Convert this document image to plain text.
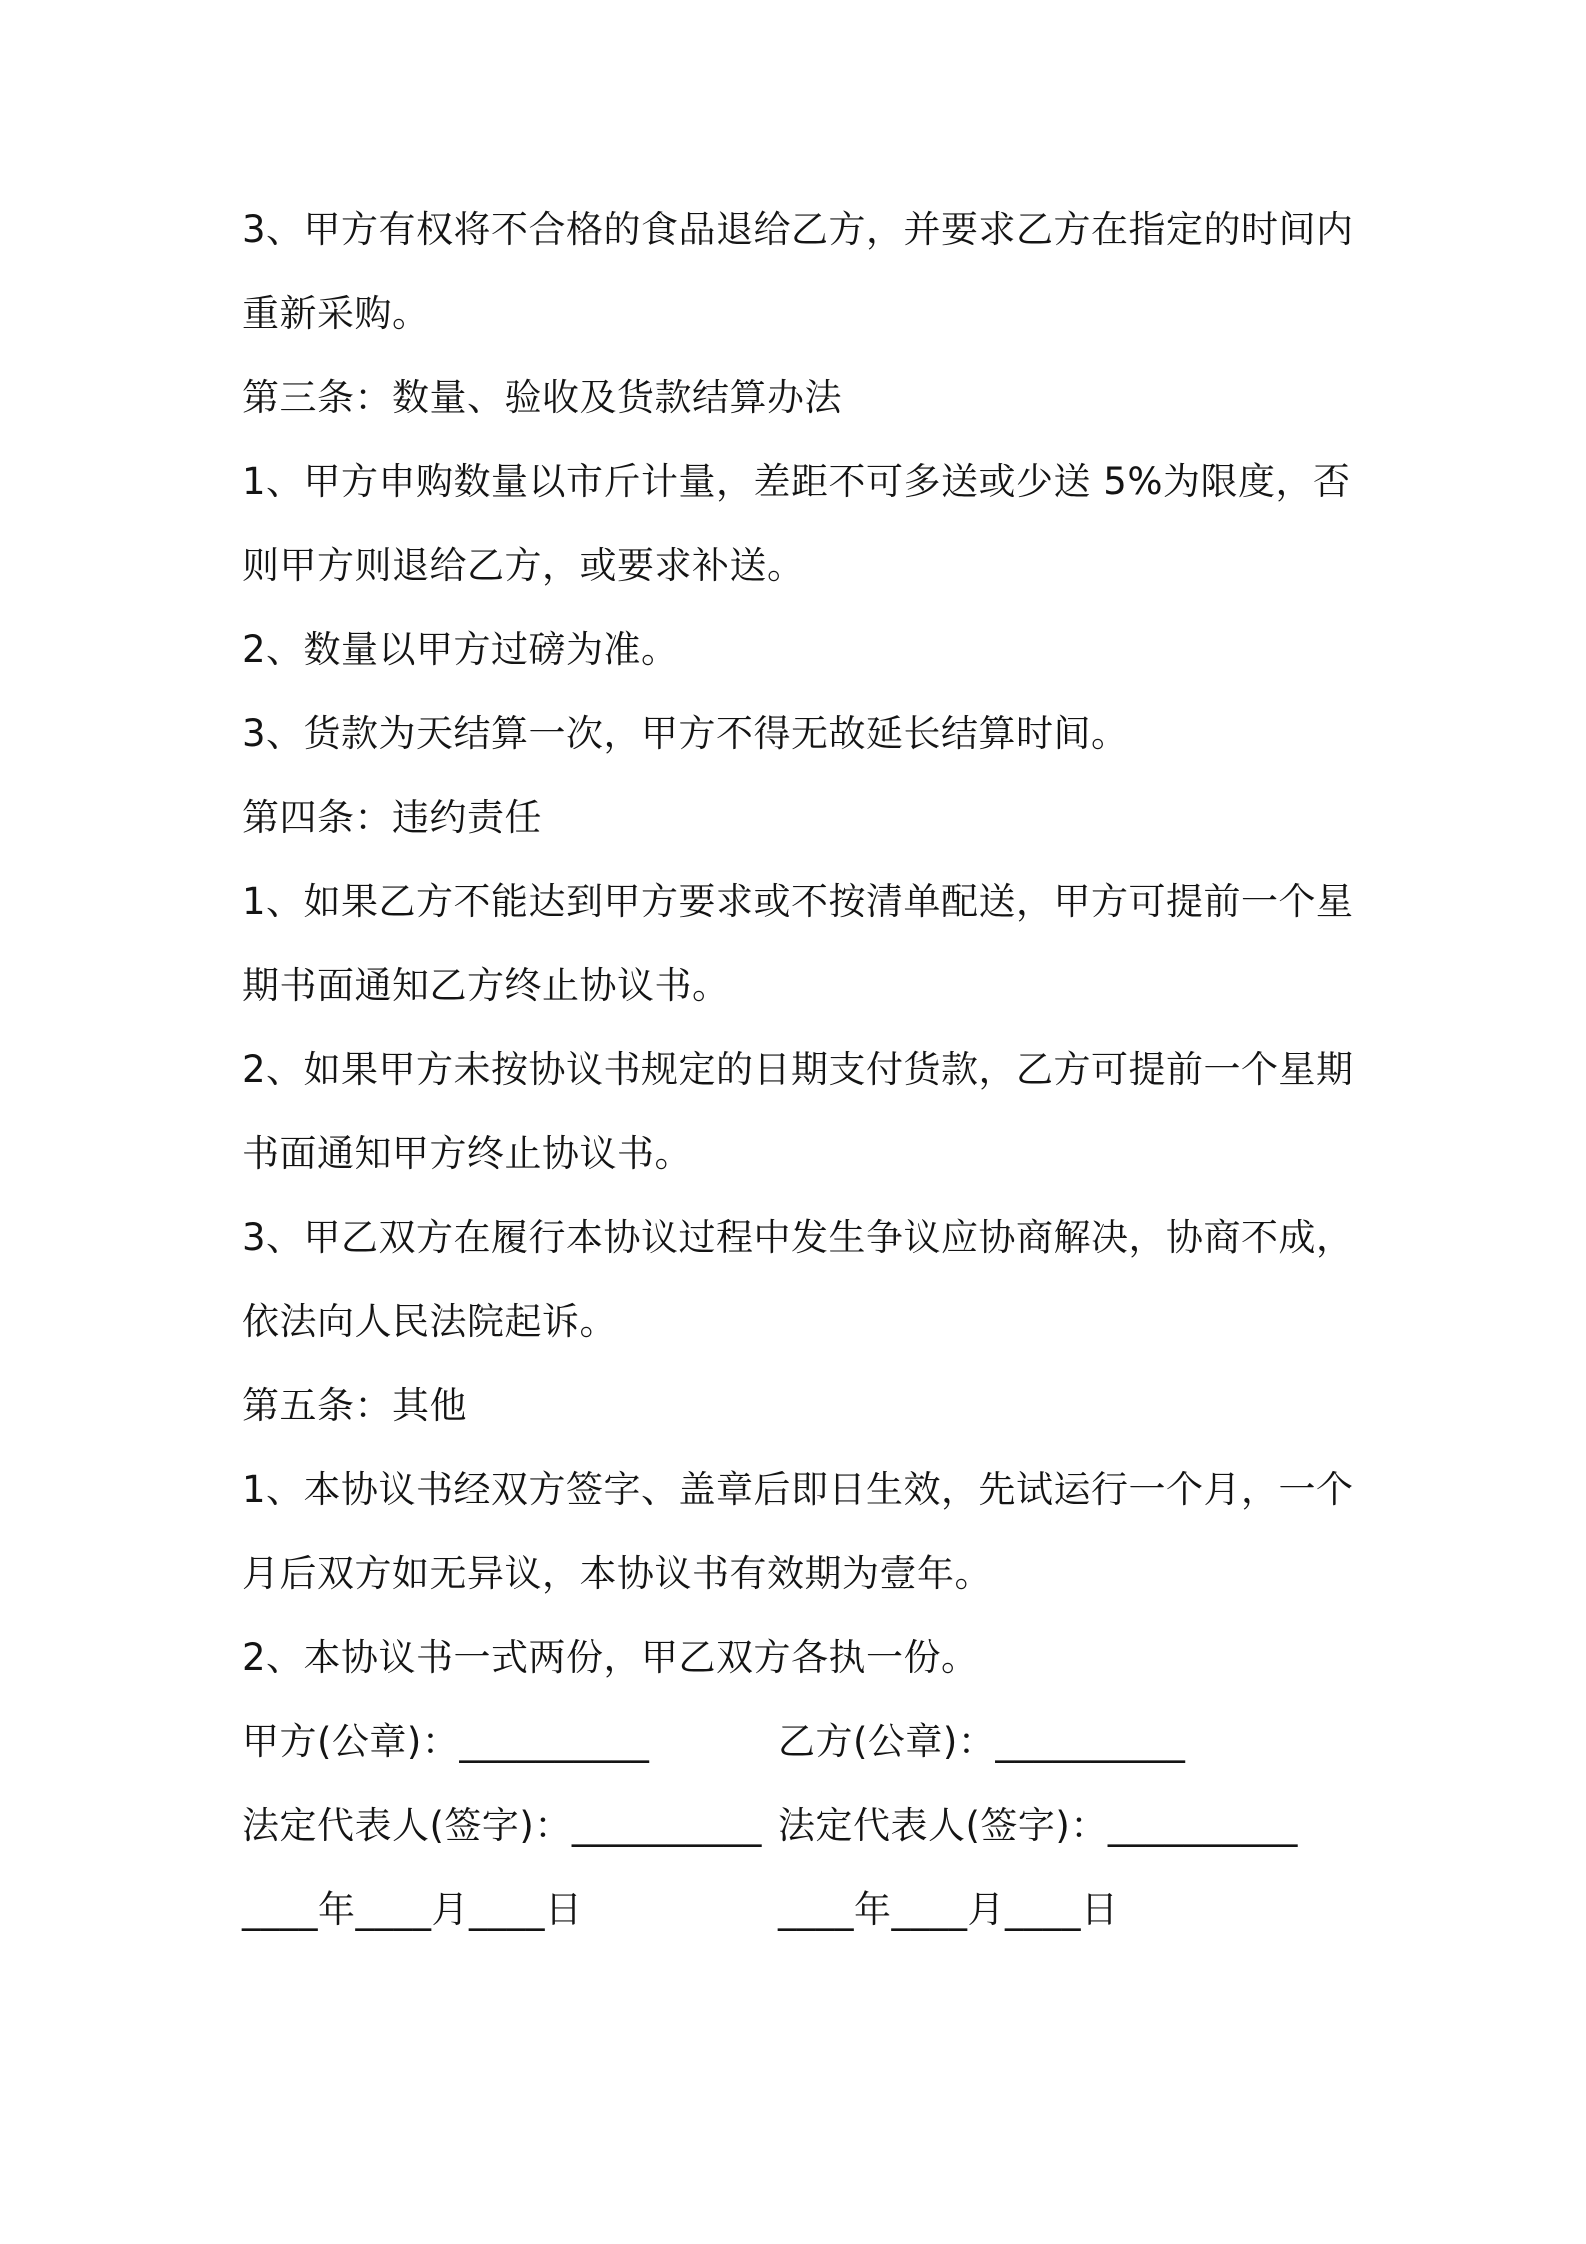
3、甲方有权将不合格的食品退给乙方，并要求乙方在指定的时间内
重新采购。
第三条：数量、验收及货款结算办法
1、甲方申购数量以市斤计量，差距不可多送或少送 5%为限度，否
则甲方则退给乙方，或要求补送。
2、数量以甲方过磅为准。
3、货款为天结算一次，甲方不得无故延长结算时间。
第四条：违约责任
1、如果乙方不能达到甲方要求或不按清单配送，甲方可提前一个星
期书面通知乙方终止协议书。
2、如果甲方未按协议书规定的日期支付货款，乙方可提前一个星期
书面通知甲方终止协议书。
3、甲乙双方在履行本协议过程中发生争议应协商解决，协商不成，
依法向人民法院起诉。
第五条：其他
1、本协议书经双方签字、盖章后即日生效，先试运行一个月，一个
月后双方如无异议，本协议书有效期为壹年。
2、本协议书一式两份，甲乙双方各执一份。
甲方(公章)：__________	乙方(公章)：__________
法定代表人(签字)：__________ 法定代表人(签字)：__________
____年____月____日	____年____月____日
